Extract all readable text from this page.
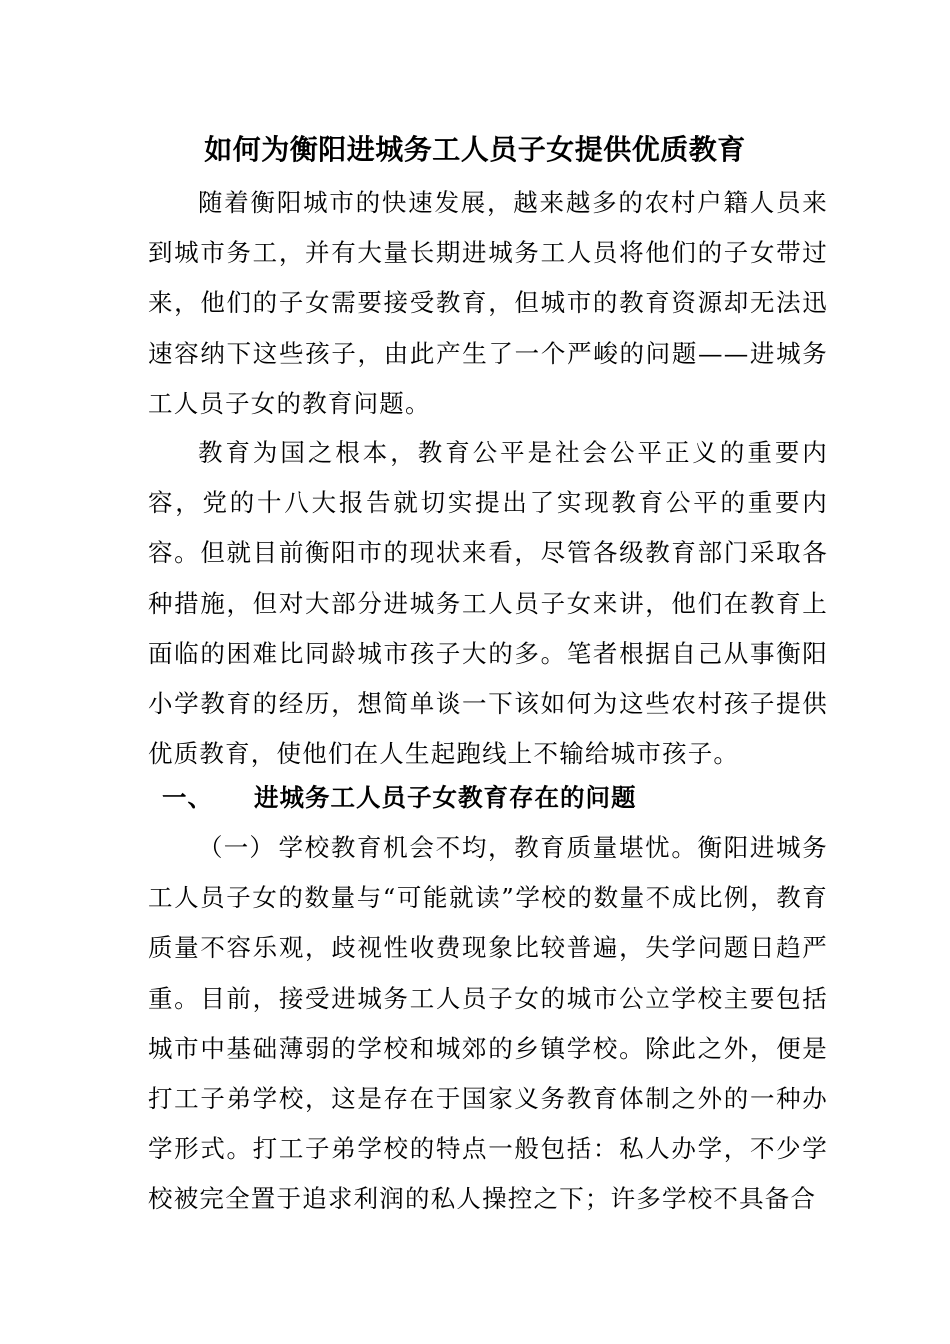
如何为衡阳进城务工人员子女提供优质教育

随着衡阳城市的快速发展，越来越多的农村户籍人员来到城市务工，并有大量长期进城务工人员将他们的子女带过来，他们的子女需要接受教育，但城市的教育资源却无法迅速容纳下这些孩子，由此产生了一个严峻的问题——进城务工人员子女的教育问题。

教育为国之根本，教育公平是社会公平正义的重要内容，党的十八大报告就切实提出了实现教育公平的重要内容。但就目前衡阳市的现状来看，尽管各级教育部门采取各种措施，但对大部分进城务工人员子女来讲，他们在教育上面临的困难比同龄城市孩子大的多。笔者根据自己从事衡阳小学教育的经历，想简单谈一下该如何为这些农村孩子提供优质教育，使他们在人生起跑线上不输给城市孩子。

一、 进城务工人员子女教育存在的问题

（一） 学校教育机会不均，教育质量堪忧。衡阳进城务工人员子女的数量与“可能就读”学校的数量不成比例，教育质量不容乐观，歧视性收费现象比较普遍，失学问题日趋严重。目前，接受进城务工人员子女的城市公立学校主要包括城市中基础薄弱的学校和城郊的乡镇学校。除此之外，便是打工子弟学校，这是存在于国家义务教育体制之外的一种办学形式。打工子弟学校的特点一般包括：私人办学，不少学校被完全置于追求利润的私人操控之下；许多学校不具备合
